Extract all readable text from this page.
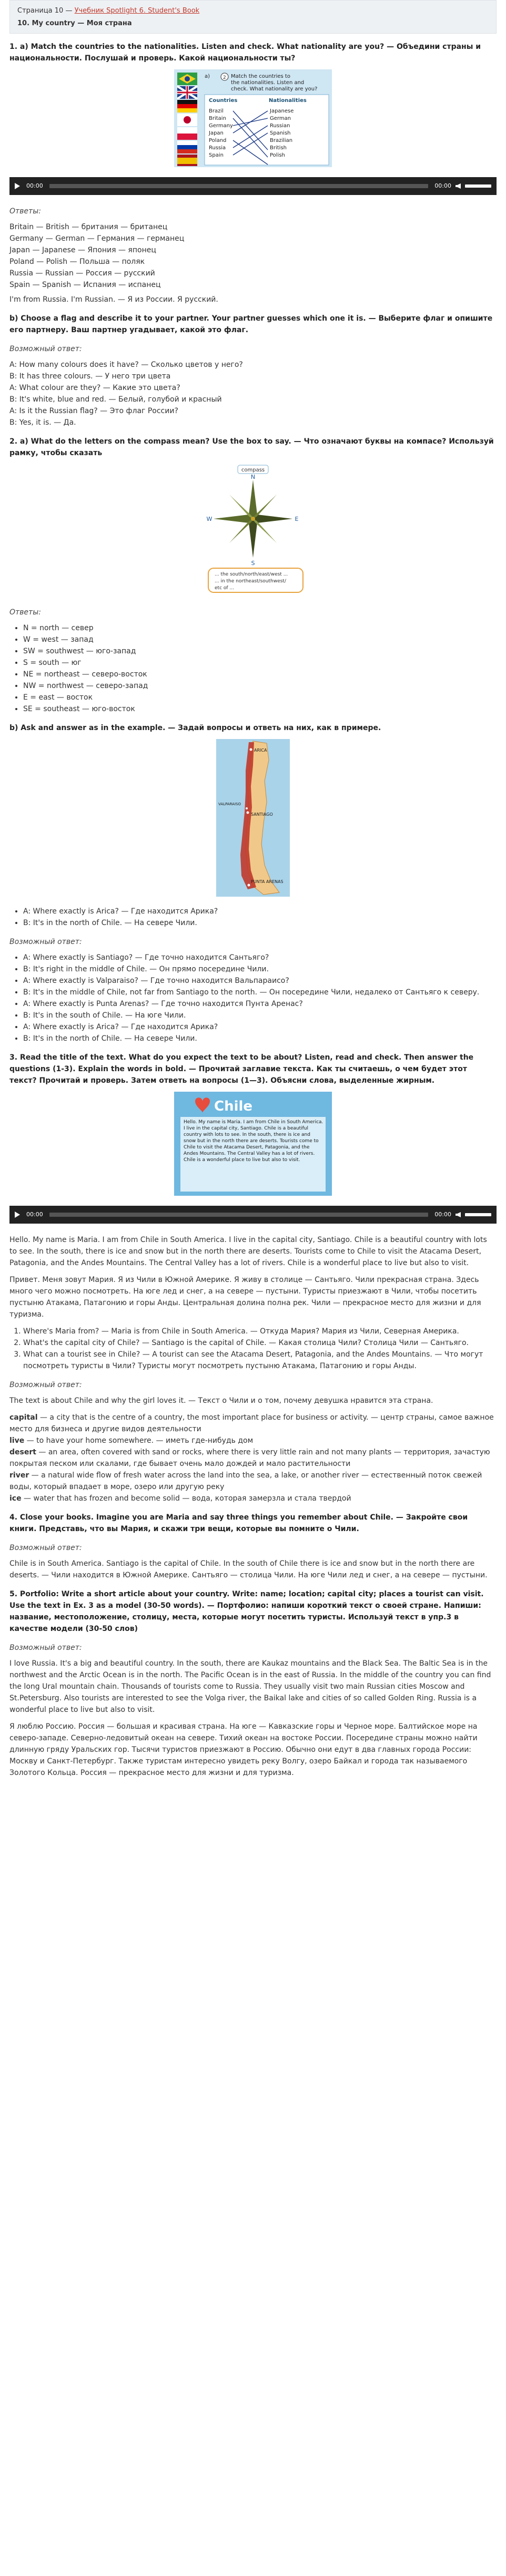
Страница 10 — Учебник Spotlight 6. Student's Book
10. My country — Моя страна
1. a) Match the countries to the nationalities. Listen and check. What nationality are you? — Объедини страны и национальности. Послушай и проверь. Какой национальности ты?
2
a)	Match the countries to the nationalities. Listen and check. What nationality are you?
Countries	Nationalities
Brazil
Britain
Germany
Japan
Poland
Russia
Spain
Japanese
German
Russian
Spanish
Brazilian
British
Polish
00:00	00:00
Ответы:

Britain — British — британия — британец

Germany — German — Германия — германец

Japan — Japanese — Япония — японец

Poland — Polish — Польша — поляк

Russia — Russian — Россия — русский

Spain — Spanish — Испания — испанец

I'm from Russia. I'm Russian. — Я из России. Я русский.

b) Choose a flag and describe it to your partner. Your partner guesses which one it is. — Выберите флаг и опишите его партнеру. Ваш партнер угадывает, какой это флаг.
Возможный ответ:

A: How many colours does it have? — Сколько цветов у него?

B: It has three colours. — У него три цвета

A: What colour are they? — Какие это цвета?

B: It's white, blue and red. — Белый, голубой и красный

A: Is it the Russian flag? — Это флаг России?

B: Yes, it is. — Да.

2. a) What do the letters on the compass mean? Use the box to say. — Что означают буквы на компасе? Используй рамку, чтобы сказать
compass
N
S
W	E
... the south/north/east/west ...
... in the northeast/southwest/
etc of ...
Ответы:
• N = north — север
• W = west — запад
• SW = southwest — юго-запад
• S = south — юг
• NE = northeast — северо-восток
• NW = northwest — северо-запад
• E = east — восток
• SE = southeast — юго-восток
b) Ask and answer as in the example. — Задай вопросы и ответь на них, как в примере.
ARICA
SANTIAGO
VALPARAISO
PUNTA ARENAS
• A: Where exactly is Arica? — Где находится Арика?
• B: It's in the north of Chile. — На севере Чили.
Возможный ответ:
• A: Where exactly is Santiago? — Где точно находится Сантьяго?
• B: It's right in the middle of Chile. — Он прямо посередине Чили.
• A: Where exactly is Valparaiso? — Где точно находится Вальпараисо?
• B: It's in the middle of Chile, not far from Santiago to the north. — Он посередине Чили, недалеко от Сантьяго к северу.
• A: Where exactly is Punta Arenas? — Где точно находится Пунта Аренас?
• B: It's in the south of Chile. — На юге Чили.
• A: Where exactly is Arica? — Где находится Арика?
• B: It's in the north of Chile. — На севере Чили.
3. Read the title of the text. What do you expect the text to be about? Listen, read and check. Then answer the questions (1-3). Explain the words in bold. — Прочитай заглавие текста. Как ты считаешь, о чем будет этот текст? Прочитай и проверь. Затем ответь на вопросы (1—3). Объясни слова, выделенные жирным.
Chile
Hello. My name is Maria. I am from Chile in South America. I live in the capital city, Santiago. Chile is a beautiful country with lots to see. In the south, there is ice and snow but in the north there are deserts. Tourists come to Chile to visit the Atacama Desert, Patagonia, and the Andes Mountains. The Central Valley has a lot of rivers. Chile is a wonderful place to live but also to visit.
00:00	00:00

Hello. My name is Maria. I am from Chile in South America. I live in the capital city, Santiago. Chile is a beautiful country with lots to see. In the south, there is ice and snow but in the north there are deserts. Tourists come to Chile to visit the Atacama Desert, Patagonia, and the Andes Mountains. The Central Valley has a lot of rivers. Chile is a wonderful place to live but also to visit.

Привет. Меня зовут Мария. Я из Чили в Южной Америке. Я живу в столице — Сантьяго. Чили прекрасная страна. Здесь много чего можно посмотреть. На юге лед и снег, а на севере — пустыни. Туристы приезжают в Чили, чтобы посетить пустыню Атакама, Патагонию и горы Анды. Центральная долина полна рек. Чили — прекрасное место для жизни и для туризма.

1. Where's Maria from? — Maria is from Chile in South America. — Откуда Мария? Мария из Чили, Северная Америка.
2. What's the capital city of Chile? — Santiago is the capital of Chile. — Какая столица Чили? Столица Чили — Сантьяго.
3. What can a tourist see in Chile? — A tourist can see the Atacama Desert, Patagonia, and the Andes Mountains. — Что могут посмотреть туристы в Чили? Туристы могут посмотреть пустыню Атакама, Патагонию и горы Анды.
Возможный ответ:

The text is about Chile and why the girl loves it. — Текст о Чили и о том, почему девушка нравится эта страна.

capital — a city that is the centre of a country, the most important place for business or activity. — центр страны, самое важное место для бизнеса и другие видов деятельности

live — to have your home somewhere. — иметь где-нибудь дом

desert — an area, often covered with sand or rocks, where there is very little rain and not many plants — территория, зачастую покрытая песком или скалами, где бывает очень мало дождей и мало растительности

river — a natural wide flow of fresh water across the land into the sea, a lake, or another river — естественный поток свежей воды, который впадает в море, озеро или другую реку

ice — water that has frozen and become solid — вода, которая замерзла и стала твердой

4. Close your books. Imagine you are Maria and say three things you remember about Chile. — Закройте свои книги. Представь, что вы Мария, и скажи три вещи, которые вы помните о Чили.
Возможный ответ:

Chile is in South America. Santiago is the capital of Chile. In the south of Chile there is ice and snow but in the north there are deserts. — Чили находится в Южной Америке. Сантьяго — столица Чили. На юге Чили лед и снег, а на севере — пустыни.

5. Portfolio: Write a short article about your country. Write: name; location; capital city; places a tourist can visit. Use the text in Ex. 3 as a model (30-50 words). — Портфолио: напиши короткий текст о своей стране. Напиши: название, местоположение, столицу, места, которые могут посетить туристы. Используй текст в упр.3 в качестве модели (30-50 слов)
Возможный ответ:

I love Russia. It's a big and beautiful country. In the south, there are Kaukaz mountains and the Black Sea. The Baltic Sea is in the northwest and the Arctic Ocean is in the north. The Pacific Ocean is in the east of Russia. In the middle of the country you can find the long Ural mountain chain. Thousands of tourists come to Russia. They usually visit two main Russian cities Moscow and St.Petersburg. Also tourists are interested to see the Volga river, the Baikal lake and cities of so called Golden Ring. Russia is a wonderful place to live but also to visit.

Я люблю Россию. Россия — большая и красивая страна. На юге — Кавказские горы и Черное море. Балтийское море на северо-западе. Северно-ледовитый океан на севере. Тихий океан на востоке России. Посередине страны можно найти длинную гряду Уральских гор. Тысячи туристов приезжают в Россию. Обычно они едут в два главных города России: Москву и Санкт-Петербург. Также туристам интересно увидеть реку Волгу, озеро Байкал и города так называемого Золотого Кольца. Россия — прекрасное место для жизни и для туризма.
